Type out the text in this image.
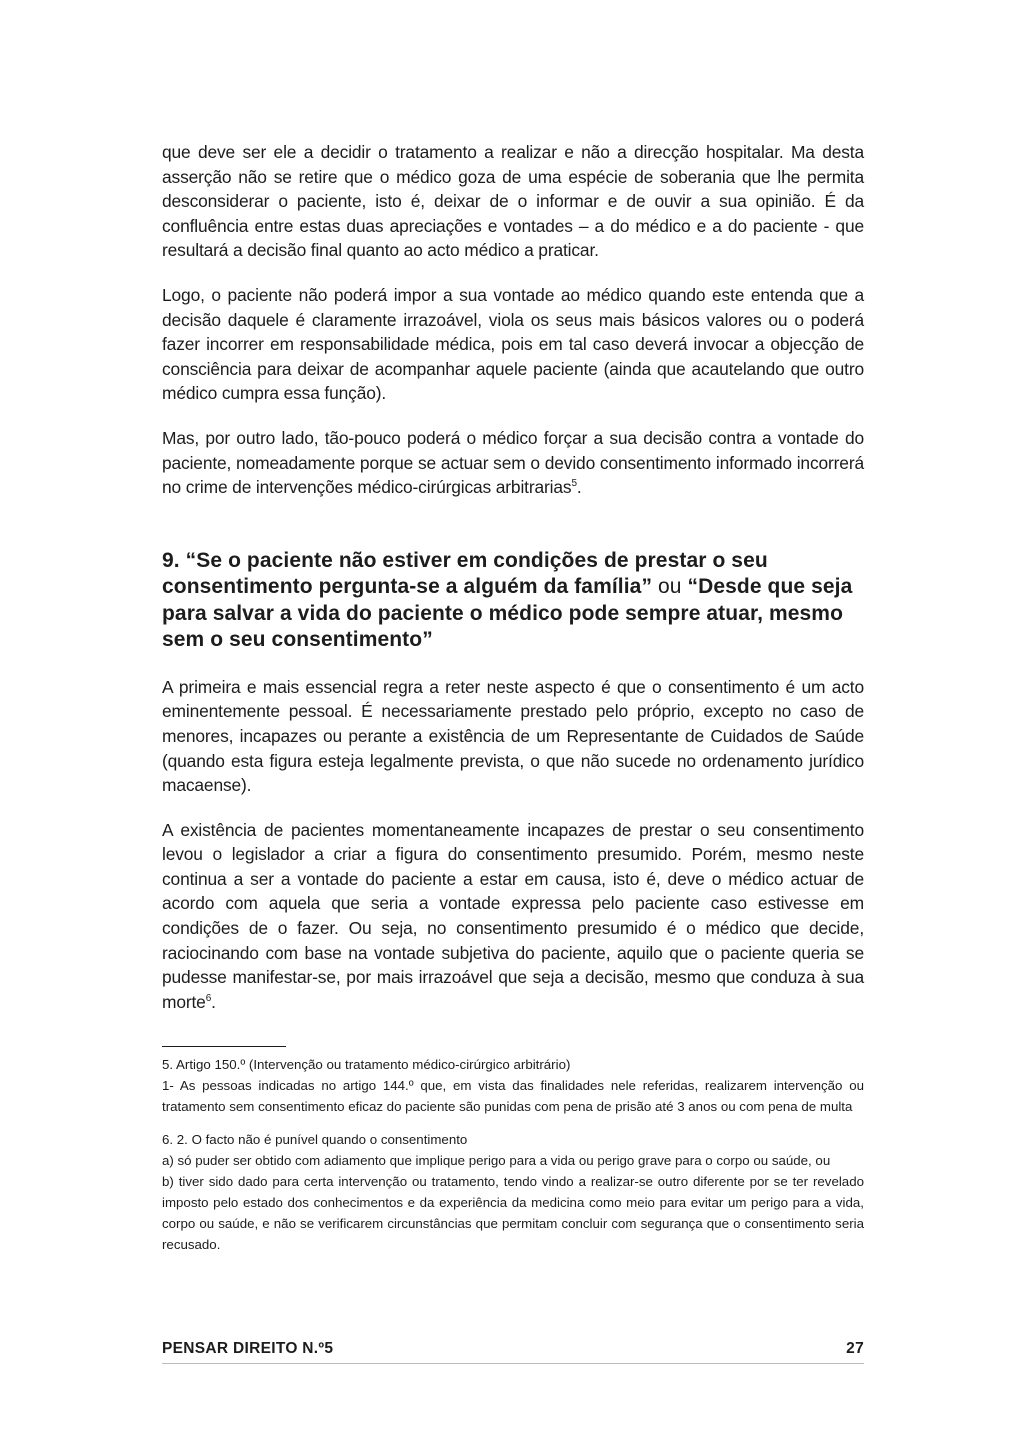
que deve ser ele a decidir o tratamento a realizar e não a direcção hospitalar. Ma desta asserção não se retire que o médico goza de uma espécie de soberania que lhe permita desconsiderar o paciente, isto é, deixar de o informar e de ouvir a sua opinião. É da confluência entre estas duas apreciações e vontades – a do médico e a do paciente - que resultará a decisão final quanto ao acto médico a praticar.

Logo, o paciente não poderá impor a sua vontade ao médico quando este entenda que a decisão daquele é claramente irrazoável, viola os seus mais básicos valores ou o poderá fazer incorrer em responsabilidade médica, pois em tal caso deverá invocar a objecção de consciência para deixar de acompanhar aquele paciente (ainda que acautelando que outro médico cumpra essa função).

Mas, por outro lado, tão-pouco poderá o médico forçar a sua decisão contra a vontade do paciente, nomeadamente porque se actuar sem o devido consentimento informado incorrerá no crime de intervenções médico-cirúrgicas arbitrarias$^5$.

9. “Se o paciente não estiver em condições de prestar o seu consentimento pergunta-se a alguém da família” ou “Desde que seja para salvar a vida do paciente o médico pode sempre atuar, mesmo sem o seu consentimento”

A primeira e mais essencial regra a reter neste aspecto é que o consentimento é um acto eminentemente pessoal. É necessariamente prestado pelo próprio, excepto no caso de menores, incapazes ou perante a existência de um Representante de Cuidados de Saúde (quando esta figura esteja legalmente prevista, o que não sucede no ordenamento jurídico macaense).

A existência de pacientes momentaneamente incapazes de prestar o seu consentimento levou o legislador a criar a figura do consentimento presumido. Porém, mesmo neste continua a ser a vontade do paciente a estar em causa, isto é, deve o médico actuar de acordo com aquela que seria a vontade expressa pelo paciente caso estivesse em condições de o fazer. Ou seja, no consentimento presumido é o médico que decide, raciocinando com base na vontade subjetiva do paciente, aquilo que o paciente queria se pudesse manifestar-se, por mais irrazoável que seja a decisão, mesmo que conduza à sua morte$^6$.

5. Artigo 150.º (Intervenção ou tratamento médico-cirúrgico arbitrário)

1- As pessoas indicadas no artigo 144.º que, em vista das finalidades nele referidas, realizarem intervenção ou tratamento sem consentimento eficaz do paciente são punidas com pena de prisão até 3 anos ou com pena de multa

6. 2. O facto não é punível quando o consentimento

a) só puder ser obtido com adiamento que implique perigo para a vida ou perigo grave para o corpo ou saúde, ou

b) tiver sido dado para certa intervenção ou tratamento, tendo vindo a realizar-se outro diferente por se ter revelado imposto pelo estado dos conhecimentos e da experiência da medicina como meio para evitar um perigo para a vida, corpo ou saúde, e não se verificarem circunstâncias que permitam concluir com segurança que o consentimento seria recusado.

PENSAR DIREITO N.º5	27
